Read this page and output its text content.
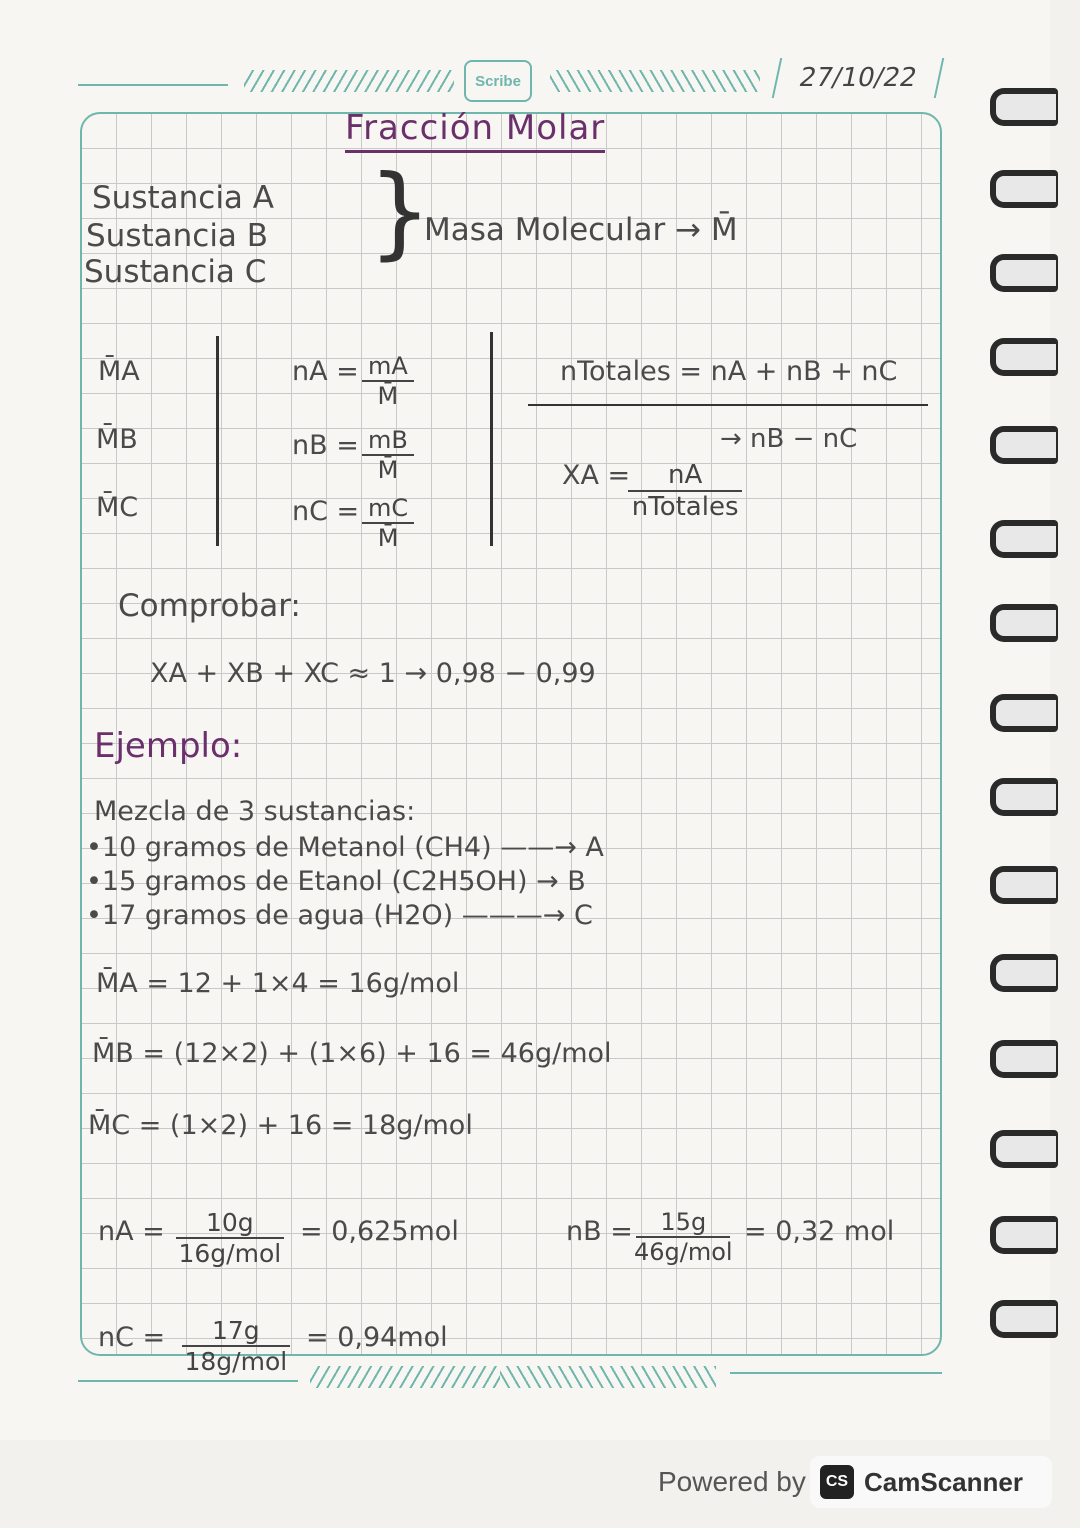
Scribe	27/10/22
Fracción Molar
Sustancia A
Sustancia B
Sustancia C
}
Masa Molecular → M̄
M̄A
M̄B
M̄C
nA = $\frac{mA}{M̄}$
nB = $\frac{mB}{M̄}$
nC = $\frac{mC}{M̄}$
nTotales = nA + nB + nC
→ nB − nC
XA =	nA
nTotales
Comprobar:
XA + XB + XC ≈ 1 → 0,98 − 0,99
Ejemplo:
Mezcla de 3 sustancias:
•10 gramos de Metanol (CH4) ——→ A
•15 gramos de Etanol (C2H5OH) → B
•17 gramos de agua (H2O) ———→ C
M̄A = 12 + 1×4 = 16g/mol
M̄B = (12×2) + (1×6) + 16 = 46g/mol
M̄C = (1×2) + 16 = 18g/mol
nA =	10g
16g/mol
= 0,625mol	nB =	15g
46g/mol
= 0,32 mol
nC =	17g
18g/mol
= 0,94mol
Powered by	CS CamScanner
